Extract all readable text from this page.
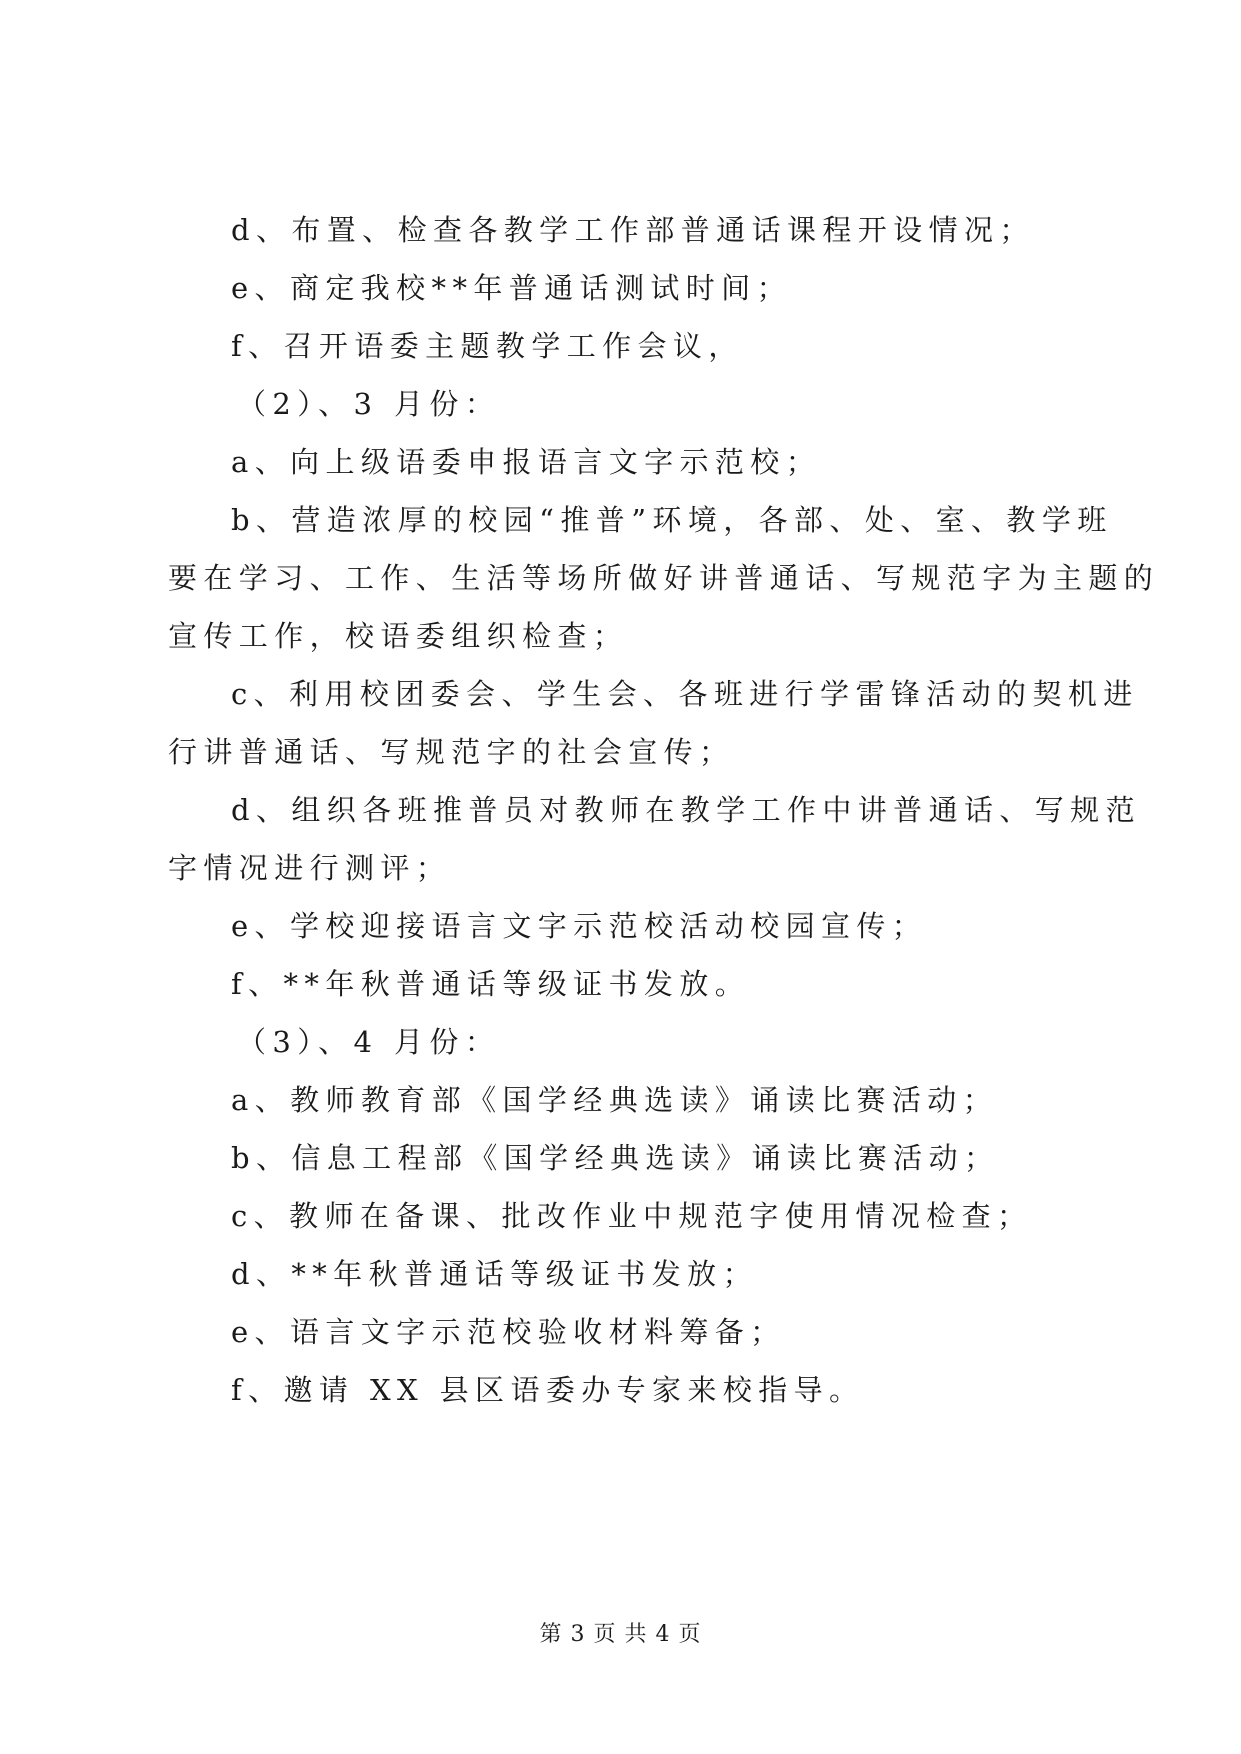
d、布置、检查各教学工作部普通话课程开设情况；
e、商定我校**年普通话测试时间；
f、召开语委主题教学工作会议，
（2）、3 月份：
a、向上级语委申报语言文字示范校；
b、营造浓厚的校园“推普”环境，各部、处、室、教学班
要在学习、工作、生活等场所做好讲普通话、写规范字为主题的
宣传工作，校语委组织检查；
c、利用校团委会、学生会、各班进行学雷锋活动的契机进
行讲普通话、写规范字的社会宣传；
d、组织各班推普员对教师在教学工作中讲普通话、写规范
字情况进行测评；
e、学校迎接语言文字示范校活动校园宣传；
f、**年秋普通话等级证书发放。
（3）、4 月份：
a、教师教育部《国学经典选读》诵读比赛活动；
b、信息工程部《国学经典选读》诵读比赛活动；
c、教师在备课、批改作业中规范字使用情况检查；
d、**年秋普通话等级证书发放；
e、语言文字示范校验收材料筹备；
f、邀请 XX 县区语委办专家来校指导。
第 3 页 共 4 页
